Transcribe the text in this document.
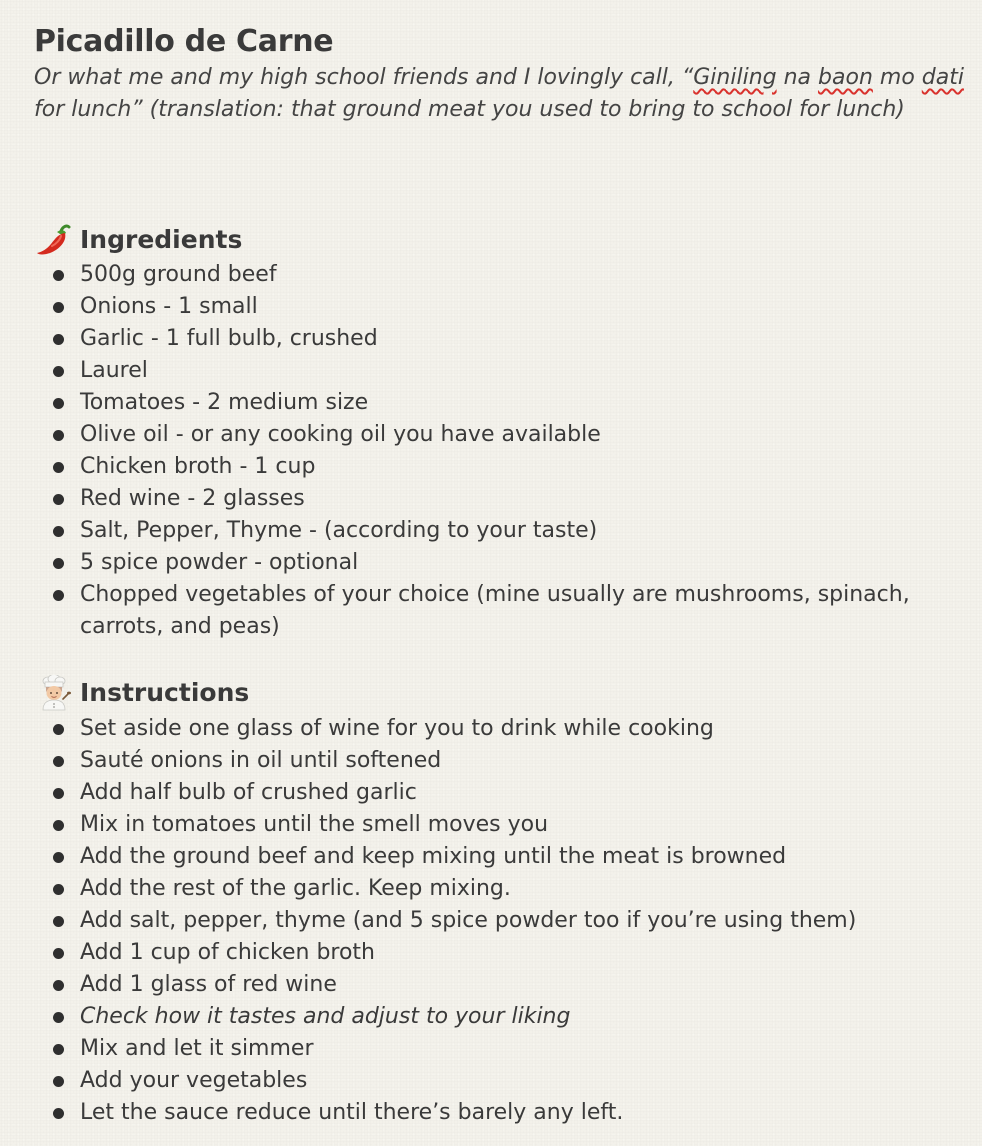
Picadillo de Carne

Or what me and my high school friends and I lovingly call, “Giniling na baon mo dati for lunch” (translation: that ground meat you used to bring to school for lunch)

Ingredients
500g ground beef
Onions - 1 small
Garlic - 1 full bulb, crushed
Laurel
Tomatoes - 2 medium size
Olive oil - or any cooking oil you have available
Chicken broth - 1 cup
Red wine - 2 glasses
Salt, Pepper, Thyme - (according to your taste)
5 spice powder - optional
Chopped vegetables of your choice (mine usually are mushrooms, spinach, carrots, and peas)
Instructions
Set aside one glass of wine for you to drink while cooking
Sauté onions in oil until softened
Add half bulb of crushed garlic
Mix in tomatoes until the smell moves you
Add the ground beef and keep mixing until the meat is browned
Add the rest of the garlic. Keep mixing.
Add salt, pepper, thyme (and 5 spice powder too if you’re using them)
Add 1 cup of chicken broth
Add 1 glass of red wine
Check how it tastes and adjust to your liking
Mix and let it simmer
Add your vegetables
Let the sauce reduce until there’s barely any left.
